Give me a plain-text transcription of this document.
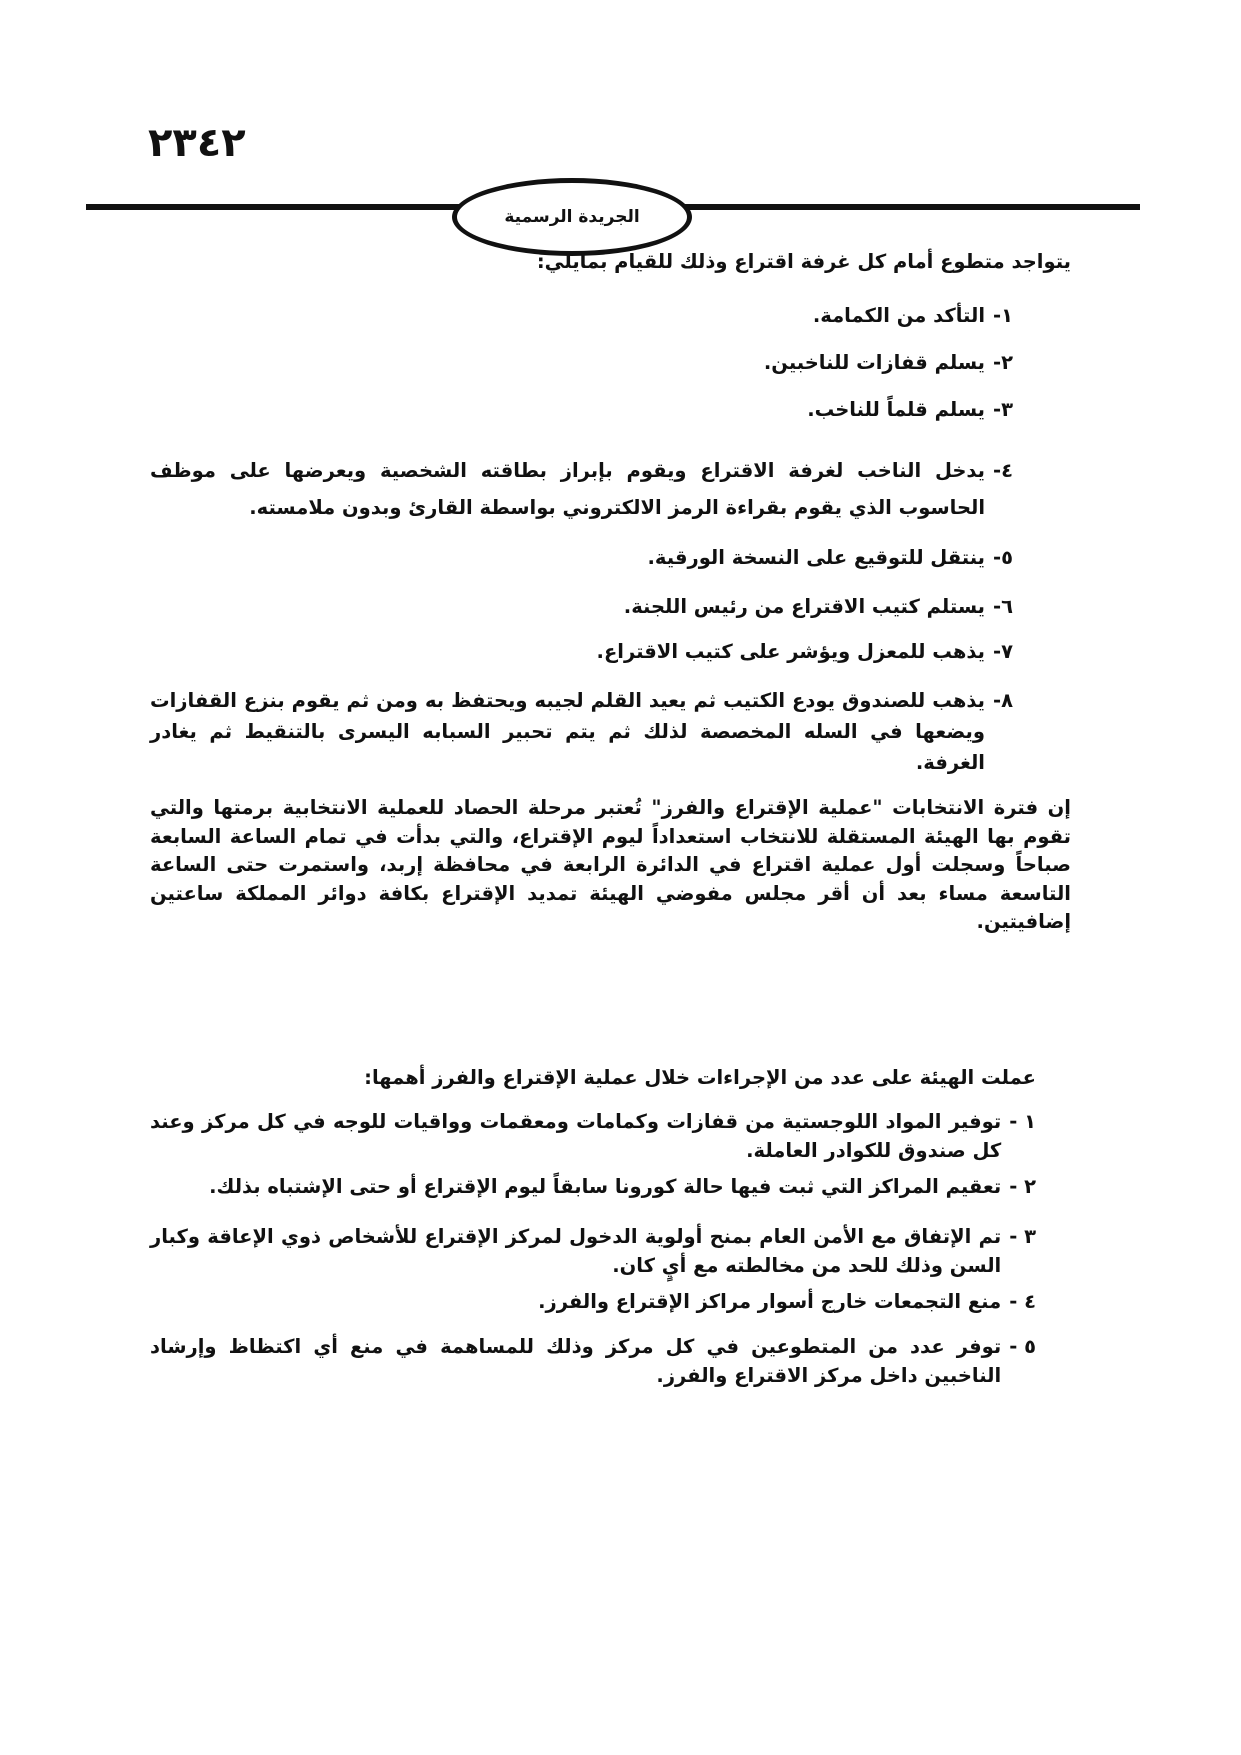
٢٣٤٢
الجريدة الرسمية

يتواجد متطوع أمام كل غرفة اقتراع وذلك للقيام بمايلي:

١-
التأكد من الكمامة.
٢-
يسلم قفازات للناخبين.
٣-
يسلم قلماً للناخب.
٤-
يدخل الناخب لغرفة الاقتراع ويقوم بإبراز بطاقته الشخصية ويعرضها على موظف الحاسوب الذي يقوم بقراءة الرمز الالكتروني بواسطة القارئ وبدون ملامسته.
٥-
ينتقل للتوقيع على النسخة الورقية.
٦-
يستلم كتيب الاقتراع من رئيس اللجنة.
٧-
يذهب للمعزل ويؤشر على كتيب الاقتراع.
٨-
يذهب للصندوق يودع الكتيب ثم يعيد القلم لجيبه ويحتفظ به ومن ثم يقوم بنزع القفازات ويضعها في السله المخصصة لذلك ثم يتم تحبير السبابه اليسرى بالتنقيط ثم يغادر الغرفة.

إن فترة الانتخابات "عملية الإقتراع والفرز" تُعتبر مرحلة الحصاد للعملية الانتخابية برمتها والتي تقوم بها الهيئة المستقلة للانتخاب استعداداً ليوم الإقتراع، والتي بدأت في تمام الساعة السابعة صباحاً وسجلت أول عملية اقتراع في الدائرة الرابعة في محافظة إربد، واستمرت حتى الساعة التاسعة مساء بعد أن أقر مجلس مفوضي الهيئة تمديد الإقتراع بكافة دوائر المملكة ساعتين إضافيتين.

عملت الهيئة على عدد من الإجراءات خلال عملية الإقتراع والفرز أهمها:

١ -
توفير المواد اللوجستية من قفازات وكمامات ومعقمات وواقيات للوجه في كل مركز وعند كل صندوق للكوادر العاملة.
٢ -
تعقيم المراكز التي ثبت فيها حالة كورونا سابقاً ليوم الإقتراع أو حتى الإشتباه بذلك.
٣ -
تم الإتفاق مع الأمن العام بمنح أولوية الدخول لمركز الإقتراع للأشخاص ذوي الإعاقة وكبار السن وذلك للحد من مخالطته مع أيٍ كان.
٤ -
منع التجمعات خارج أسوار مراكز الإقتراع والفرز.
٥ -
توفر عدد من المتطوعين في كل مركز وذلك للمساهمة في منع أي اكتظاظ وإرشاد الناخبين داخل مركز الاقتراع والفرز.
